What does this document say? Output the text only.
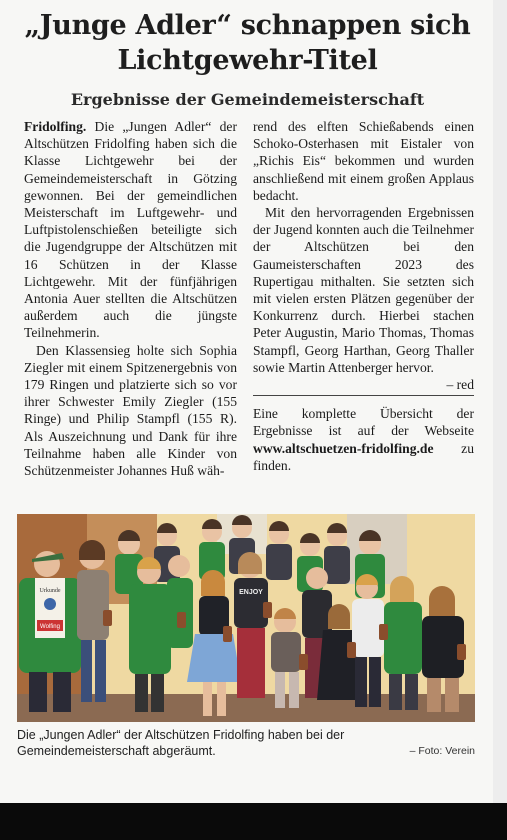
„Junge Adler“ schnappen sich Lichtgewehr-Titel
Ergebnisse der Gemeindemeisterschaft

Fridolfing. Die „Jungen Adler“ der Altschützen Fridolfing haben sich die Klasse Lichtgewehr bei der Gemeindemeisterschaft in Götzing gewonnen. Bei der gemeindlichen Meisterschaft im Luftgewehr- und Luftpistolenschießen beteiligte sich die Jugendgruppe der Altschützen mit 16 Schützen in der Klasse Lichtgewehr. Mit der fünfjährigen Antonia Auer stellten die Altschützen außerdem auch die jüngste Teilnehmerin.

Den Klassensieg holte sich Sophia Ziegler mit einem Spitzenergebnis von 179 Ringen und platzierte sich so vor ihrer Schwester Emily Ziegler (155 Ringe) und Philip Stampfl (155 R). Als Auszeichnung und Dank für ihre Teilnahme haben alle Kinder von Schützenmeister Johannes Huß wäh-

rend des elften Schießabends einen Schoko-Osterhasen mit Eistaler von „Richis Eis“ bekommen und wurden anschließend mit einem großen Applaus bedacht.

Mit den hervorragenden Ergebnissen der Jugend konnten auch die Teilnehmer der Altschützen bei den Gaumeisterschaften 2023 des Rupertigau mithalten. Sie setzten sich mit vielen ersten Plätzen gegenüber der Konkurrenz durch. Hierbei stachen Peter Augustin, Mario Thomas, Thomas Stampfl, Georg Harthan, Georg Thaller sowie Martin Attenberger hervor.
– red

Eine komplette Übersicht der Ergebnisse ist auf der Webseite www.altschuetzen-fridolfing.de zu finden.

Urkunde
Wolfing
ENJOY
Die „Jungen Adler“ der Altschützen Fridolfing haben bei der Gemeindemeisterschaft abgeräumt.	– Foto: Verein
